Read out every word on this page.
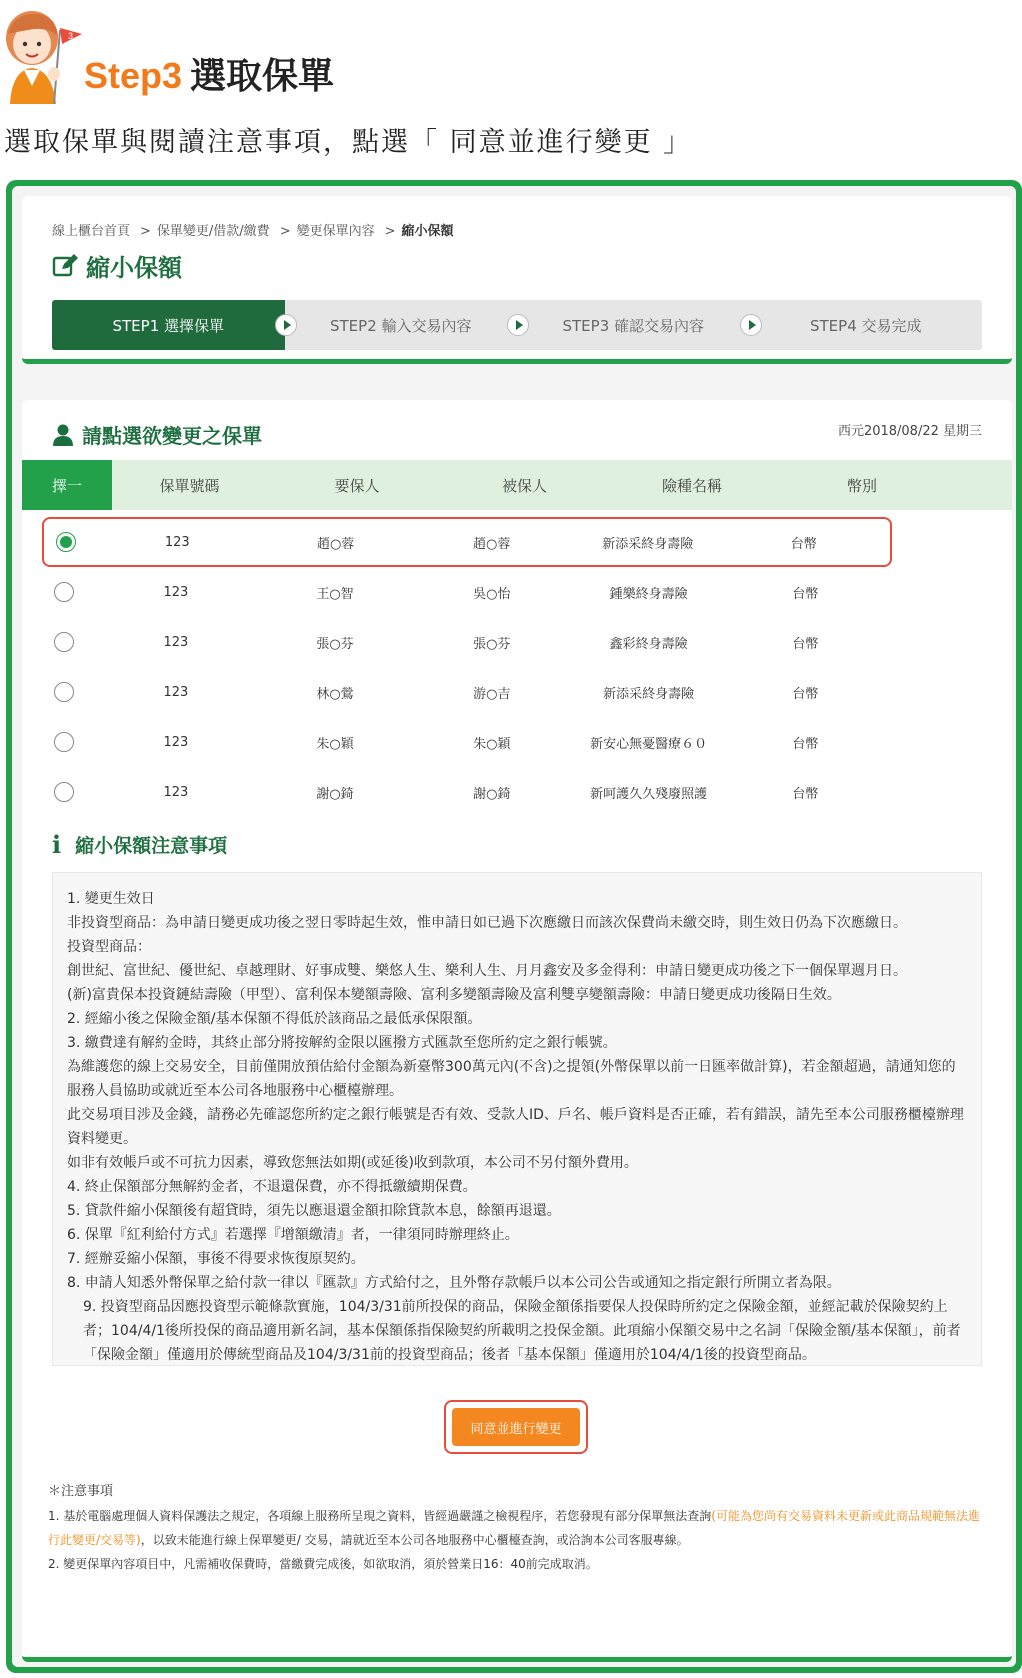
3
Step3 選取保單
選取保單與閱讀注意事項，點選「 同意並進行變更 」
線上櫃台首頁 > 保單變更/借款/繳費 > 變更保單內容 > 縮小保額
縮小保額
STEP1 選擇保單	STEP2 輸入交易內容	STEP3 確認交易內容	STEP4 交易完成
請點選欲變更之保單	西元2018/08/22 星期三
擇一	保單號碼	要保人	被保人	險種名稱	幣別
123	趙○蓉	趙○蓉	新添采終身壽險	台幣
123	王○智	吳○怡	鍾樂終身壽險	台幣
123	張○芬	張○芬	鑫彩終身壽險	台幣
123	林○鶯	游○吉	新添采終身壽險	台幣
123	朱○穎	朱○穎	新安心無憂醫療６０	台幣
123	謝○錡	謝○錡	新呵護久久殘廢照護	台幣
i 縮小保額注意事項

1. 變更生效日

非投資型商品：為申請日變更成功後之翌日零時起生效，惟申請日如已過下次應繳日而該次保費尚未繳交時，則生效日仍為下次應繳日。

投資型商品：

創世紀、富世紀、優世紀、卓越理財、好事成雙、樂悠人生、樂利人生、月月鑫安及多金得利：申請日變更成功後之下一個保單週月日。

(新)富貴保本投資鏈結壽險（甲型）、富利保本變額壽險、富利多變額壽險及富利雙享變額壽險：申請日變更成功後隔日生效。

2. 經縮小後之保險金額/基本保額不得低於該商品之最低承保限額。

3. 繳費達有解約金時，其終止部分將按解約金限以匯撥方式匯款至您所約定之銀行帳號。

為維護您的線上交易安全，目前僅開放預估給付金額為新臺幣300萬元內(不含)之提領(外幣保單以前一日匯率做計算)，若金額超過，請通知您的服務人員協助或就近至本公司各地服務中心櫃檯辦理。

此交易項目涉及金錢，請務必先確認您所約定之銀行帳號是否有效、受款人ID、戶名、帳戶資料是否正確，若有錯誤，請先至本公司服務櫃檯辦理資料變更。

如非有效帳戶或不可抗力因素，導致您無法如期(或延後)收到款項，本公司不另付額外費用。

4. 終止保額部分無解約金者，不退還保費，亦不得抵繳續期保費。

5. 貸款件縮小保額後有超貸時，須先以應退還金額扣除貸款本息，餘額再退還。

6. 保單『紅利給付方式』若選擇『增額繳清』者，一律須同時辦理終止。

7. 經辦妥縮小保額，事後不得要求恢復原契約。

8. 申請人知悉外幣保單之給付款一律以『匯款』方式給付之，且外幣存款帳戶以本公司公告或通知之指定銀行所開立者為限。

9. 投資型商品因應投資型示範條款實施，104/3/31前所投保的商品，保險金額係指要保人投保時所約定之保險金額，並經記載於保險契約上者；104/4/1後所投保的商品適用新名詞，基本保額係指保險契約所載明之投保金額。此項縮小保額交易中之名詞「保險金額/基本保額」，前者「保險金額」僅適用於傳統型商品及104/3/31前的投資型商品；後者「基本保額」僅適用於104/4/1後的投資型商品。

同意並進行變更
＊注意事項
1. 基於電腦處理個人資料保護法之規定，各項線上服務所呈現之資料，皆經過嚴謹之檢視程序，若您發現有部分保單無法查詢(可能為您尚有交易資料未更新或此商品規範無法進行此變更/交易等)，以致未能進行線上保單變更/ 交易，請就近至本公司各地服務中心櫃檯查詢，或洽詢本公司客服專線。
2. 變更保單內容項目中，凡需補收保費時，當繳費完成後，如欲取消，須於營業日16：40前完成取消。
